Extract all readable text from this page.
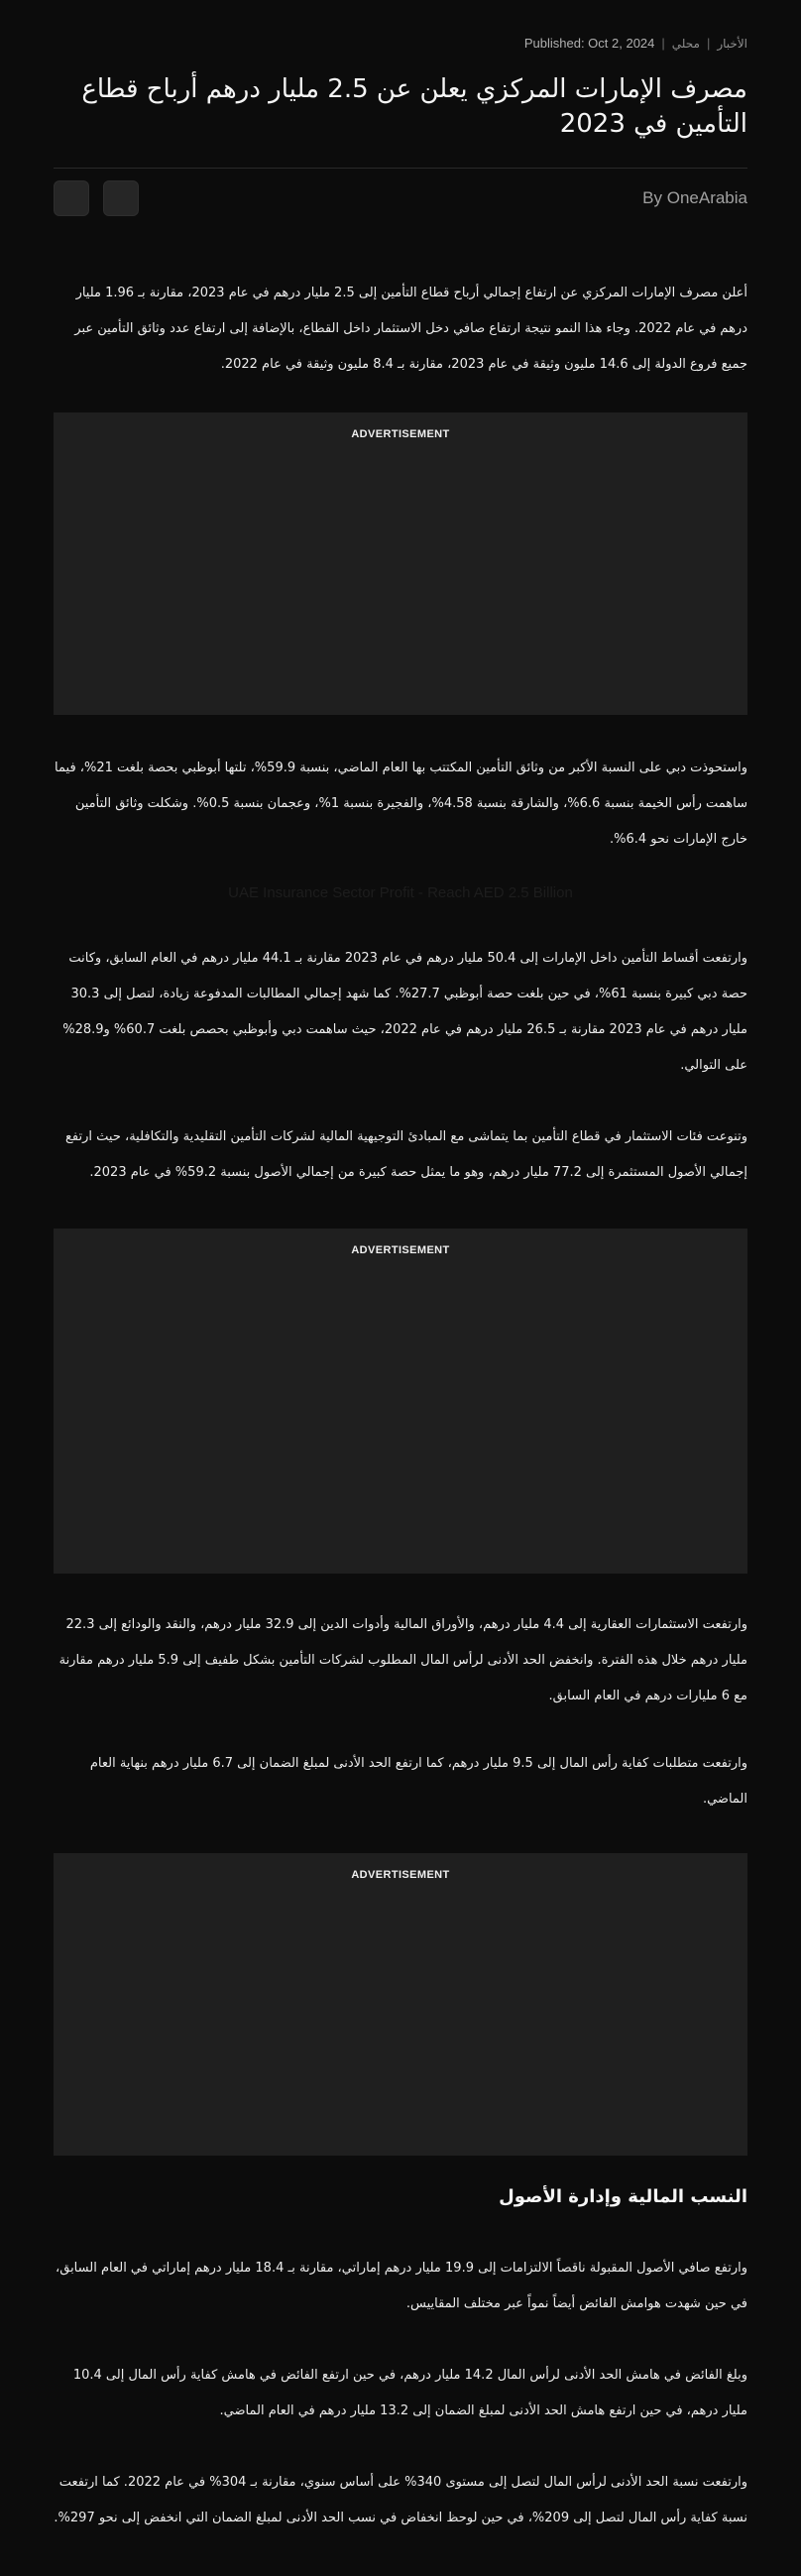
Published: Oct 2, 2024 | محلي | الأخبار
مصرف الإمارات المركزي يعلن عن 2.5 مليار درهم أرباح قطاع التأمين في 2023
By OneArabia

أعلن مصرف الإمارات المركزي عن ارتفاع إجمالي أرباح قطاع التأمين إلى 2.5 مليار درهم في عام 2023، مقارنة بـ 1.96 مليار درهم في عام 2022. وجاء هذا النمو نتيجة ارتفاع صافي دخل الاستثمار داخل القطاع، بالإضافة إلى ارتفاع عدد وثائق التأمين عبر جميع فروع الدولة إلى 14.6 مليون وثيقة في عام 2023، مقارنة بـ 8.4 مليون وثيقة في عام 2022.

ADVERTISEMENT

واستحوذت دبي على النسبة الأكبر من وثائق التأمين المكتتب بها العام الماضي، بنسبة 59.9%، تلتها أبوظبي بحصة بلغت 21%، فيما ساهمت رأس الخيمة بنسبة 6.6%، والشارقة بنسبة 4.58%، والفجيرة بنسبة 1%، وعجمان بنسبة 0.5%. وشكلت وثائق التأمين خارج الإمارات نحو 6.4%.

UAE Insurance Sector Profit - Reach AED 2.5 Billion

وارتفعت أقساط التأمين داخل الإمارات إلى 50.4 مليار درهم في عام 2023 مقارنة بـ 44.1 مليار درهم في العام السابق، وكانت حصة دبي كبيرة بنسبة 61%، في حين بلغت حصة أبوظبي 27.7%. كما شهد إجمالي المطالبات المدفوعة زيادة، لتصل إلى 30.3 مليار درهم في عام 2023 مقارنة بـ 26.5 مليار درهم في عام 2022، حيث ساهمت دبي وأبوظبي بحصص بلغت 60.7% و28.9% على التوالي.

وتنوعت فئات الاستثمار في قطاع التأمين بما يتماشى مع المبادئ التوجيهية المالية لشركات التأمين التقليدية والتكافلية، حيث ارتفع إجمالي الأصول المستثمرة إلى 77.2 مليار درهم، وهو ما يمثل حصة كبيرة من إجمالي الأصول بنسبة 59.2% في عام 2023.

ADVERTISEMENT

وارتفعت الاستثمارات العقارية إلى 4.4 مليار درهم، والأوراق المالية وأدوات الدين إلى 32.9 مليار درهم، والنقد والودائع إلى 22.3 مليار درهم خلال هذه الفترة. وانخفض الحد الأدنى لرأس المال المطلوب لشركات التأمين بشكل طفيف إلى 5.9 مليار درهم مقارنة مع 6 مليارات درهم في العام السابق.

وارتفعت متطلبات كفاية رأس المال إلى 9.5 مليار درهم، كما ارتفع الحد الأدنى لمبلغ الضمان إلى 6.7 مليار درهم بنهاية العام الماضي.

ADVERTISEMENT
النسب المالية وإدارة الأصول

وارتفع صافي الأصول المقبولة ناقصاً الالتزامات إلى 19.9 مليار درهم إماراتي، مقارنة بـ 18.4 مليار درهم إماراتي في العام السابق، في حين شهدت هوامش الفائض أيضاً نمواً عبر مختلف المقاييس.

وبلغ الفائض في هامش الحد الأدنى لرأس المال 14.2 مليار درهم، في حين ارتفع الفائض في هامش كفاية رأس المال إلى 10.4 مليار درهم، في حين ارتفع هامش الحد الأدنى لمبلغ الضمان إلى 13.2 مليار درهم في العام الماضي.

وارتفعت نسبة الحد الأدنى لرأس المال لتصل إلى مستوى 340% على أساس سنوي، مقارنة بـ 304% في عام 2022. كما ارتفعت نسبة كفاية رأس المال لتصل إلى 209%، في حين لوحظ انخفاض في نسب الحد الأدنى لمبلغ الضمان التي انخفض إلى نحو 297%.
